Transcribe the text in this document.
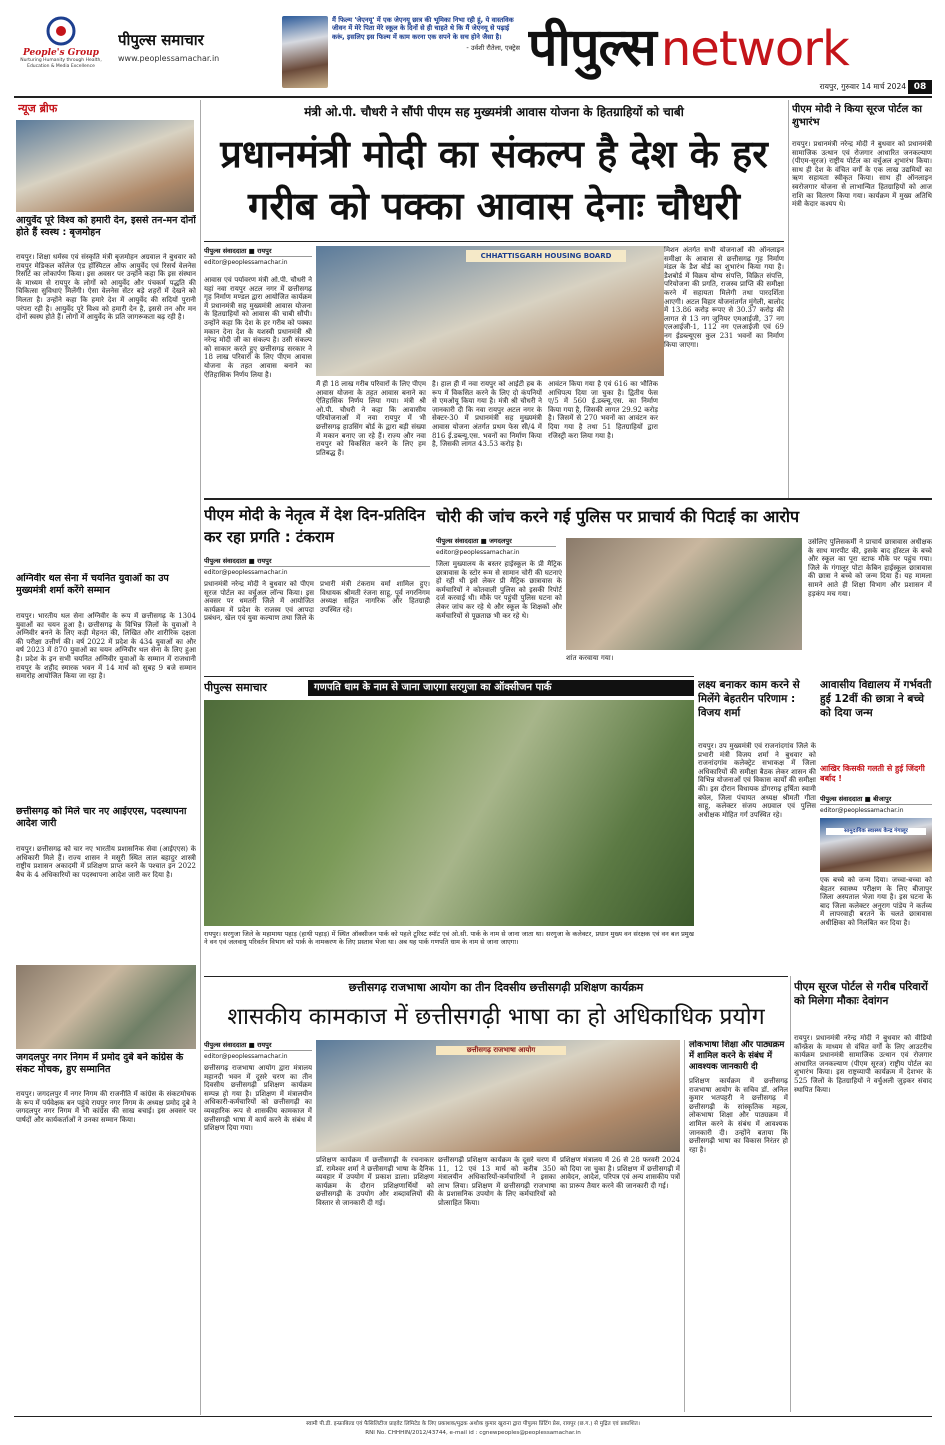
People's Group
Nurturing Humanity through Health, Education & Media Excellence
पीपुल्स समाचार
www.peoplessamachar.in
मैं फिल्म 'जेएनयू' में एक जेएनयू छात्र की भूमिका निभा रही हूं, ये वास्तविक जीवन में मेरे पिता मेरे स्कूल के दिनों से ही चाहते थे कि मैं जेएनयू से पढ़ाई करूं, इसलिए इस फिल्म में काम करना एक सपने के सच होने जैसा है।
- उर्वशी रौतेला, एक्ट्रेस पीपुल्स network
रायपुर, गुरुवार 14 मार्च 2024 08
न्यूज ब्रीफ
आयुर्वेद पूरे विश्व को हमारी देन, इससे तन-मन दोनों होते हैं स्वस्थ : बृजमोहन
रायपुर। शिक्षा धर्मस्व एवं संस्कृति मंत्री बृजमोहन अग्रवाल ने बुधवार को रायपुर मेडिकल कॉलेज एंड हॉस्पिटल ऑफ आयुर्वेद एवं रिसर्च वेलनेस रिसॉर्ट का लोकार्पण किया। इस अवसर पर उन्होंने कहा कि इस संस्थान के माध्यम से रायपुर के लोगों को आयुर्वेद और पंचकर्म पद्धति की चिकित्सा सुविधाएं मिलेंगी। ऐसा वेलनेस सेंटर बड़े शहरों में देखने को मिलता है। उन्होंने कहा कि हमारे देश में आयुर्वेद की सदियों पुरानी परंपरा रही है। आयुर्वेद पूरे विश्व को हमारी देन है, इससे तन और मन दोनों स्वस्थ होते हैं। लोगों में आयुर्वेद के प्रति जागरूकता बढ़ रही है।
अग्निवीर थल सेना में चयनित युवाओं का उप मुख्यमंत्री शर्मा करेंगे सम्मान
रायपुर। भारतीय थल सेना अग्निवीर के रूप में छत्तीसगढ़ के 1304 युवाओं का चयन हुआ है। छत्तीसगढ़ के विभिन्न जिलों के युवाओं ने अग्निवीर बनने के लिए कड़ी मेहनत की, लिखित और शारीरिक दक्षता की परीक्षा उत्तीर्ण की। वर्ष 2022 में प्रदेश के 434 युवाओं का और वर्ष 2023 में 870 युवाओं का चयन अग्निवीर थल सेना के लिए हुआ है। प्रदेश के इन सभी चयनित अग्निवीर युवाओं के सम्मान में राजधानी रायपुर के शहीद स्मारक भवन में 14 मार्च को सुबह 9 बजे सम्मान समारोह आयोजित किया जा रहा है।
छत्तीसगढ़ को मिले चार नए आईएएस, पदस्थापना आदेश जारी
रायपुर। छत्तीसगढ़ को चार नए भारतीय प्रशासनिक सेवा (आईएएस) के अधिकारी मिले हैं। राज्य शासन ने मसूरी स्थित लाल बहादुर शास्त्री राष्ट्रीय प्रशासन अकादमी में प्रशिक्षण प्राप्त करने के पश्चात इन 2022 बैच के 4 अधिकारियों का पदस्थापना आदेश जारी कर दिया है।
जगदलपुर नगर निगम में प्रमोद दुबे बने कांग्रेस के संकट मोचक, हुए सम्मानित
रायपुर। जगदलपुर में नगर निगम की राजनीति में कांग्रेस के संकटमोचक के रूप में पर्यवेक्षक बन पहुंचे रायपुर नगर निगम के अध्यक्ष प्रमोद दुबे ने जगदलपुर नगर निगम में भी कांग्रेस की साख बचाई। इस अवसर पर पार्षदों और कार्यकर्ताओं ने उनका सम्मान किया।
मंत्री ओ.पी. चौधरी ने सौंपी पीएम सह मुख्यमंत्री आवास योजना के हितग्राहियों को चाबी
प्रधानमंत्री मोदी का संकल्प है देश के हर गरीब को पक्का आवास देनाः चौधरी
पीपुल्स संवाददाता ■ रायपुर
editor@peoplessamachar.in
CHHATTISGARH HOUSING BOARD
आवास एवं पर्यावरण मंत्री ओ.पी. चौधरी ने यहां नवा रायपुर अटल नगर में छत्तीसगढ़ गृह निर्माण मण्डल द्वारा आयोजित कार्यक्रम में प्रधानमंत्री सह मुख्यमंत्री आवास योजना के हितग्राहियों को आवास की चाबी सौंपी। उन्होंने कहा कि देश के हर गरीब को पक्का मकान देना देश के यशस्वी प्रधानमंत्री श्री नरेन्द्र मोदी जी का संकल्प है। उसी संकल्प को साकार करते हुए छत्तीसगढ़ सरकार ने 18 लाख परिवारों के लिए पीएम आवास योजना के तहत आवास बनाने का ऐतिहासिक निर्णय लिया है।
मैं ही 18 लाख गरीब परिवारों के लिए पीएम आवास योजना के तहत आवास बनाने का ऐतिहासिक निर्णय लिया गया। मंत्री श्री ओ.पी. चौधरी ने कहा कि आवासीय परियोजनाओं में नवा रायपुर में भी छत्तीसगढ़ हाउसिंग बोर्ड के द्वारा बड़ी संख्या में मकान बनाए जा रहे हैं। राज्य और नवा रायपुर को विकसित करने के लिए हम प्रतिबद्ध हैं।
है। हाल ही में नवा रायपुर को आईटी हब के रूप में विकसित करने के लिए दो कंपनियों से एमओयू किया गया है। मंत्री श्री चौधरी ने जानकारी दी कि नवा रायपुर अटल नगर के सेक्टर-30 में प्रधानमंत्री सह मुख्यमंत्री आवास योजना अंतर्गत प्रथम फेस सी/4 में 816 ई.डब्ल्यू.एस. भवनों का निर्माण किया है, जिसकी लागत 43.53 करोड़ है।
आवंटन किया गया है एवं 616 का भौतिक आधिपत्य दिया जा चुका है। द्वितीय फेस ए/5 में 560 ई.डब्ल्यू.एस. का निर्माण किया गया है, जिसकी लागत 29.92 करोड़ है। जिसमें से 270 भवनों का आवंटन कर दिया गया है तथा 51 हितग्राहियों द्वारा रजिस्ट्री करा लिया गया है।
मिशन अंतर्गत सभी योजनाओं की ऑनलाइन समीक्षा के आवास से छत्तीसगढ़ गृह निर्माण मंडल के डैश बोर्ड का शुभारंभ किया गया है। डैशबोर्ड में विक्रय योग्य संपत्ति, विक्रित संपत्ति, परियोजना की प्रगति, राजस्व प्राप्ति की समीक्षा करने में सहायता मिलेगी तथा पारदर्शिता आएगी। अटल विहार योजनांतर्गत मुंगेली, बालोद में 13.86 करोड़ रूपए से 30.37 करोड़ की लागत से 13 नग जूनियर एमआईजी, 37 नग एलआईजी-1, 112 नग एलआईजी एवं 69 नग ईडब्ल्यूएस कुल 231 भवनों का निर्माण किया जाएगा।
पीएम मोदी ने किया सूरज पोर्टल का शुभारंभ
रायपुर। प्रधानमंत्री नरेन्द्र मोदी ने बुधवार को प्रधानमंत्री सामाजिक उत्थान एवं रोजगार आधारित जनकल्याण (पीएम-सूरज) राष्ट्रीय पोर्टल का वर्चुअल शुभारंभ किया। साथ ही देश के वंचित वर्गों के एक लाख उद्यमियों का ऋण सहायता स्वीकृत किया। साथ ही ऑनलाइन स्वरोजगार योजना से लाभान्वित हितग्राहियों को आज राशि का वितरण किया गया। कार्यक्रम में मुख्य अतिथि मंत्री केदार कश्यप थे।
पीएम मोदी के नेतृत्व में देश दिन-प्रतिदिन कर रहा प्रगति : टंकराम
पीपुल्स संवाददाता ■ रायपुर
editor@peoplessamachar.in
प्रधानमंत्री नरेन्द्र मोदी ने बुधवार को पीएम सूरज पोर्टल का वर्चुअल लॉन्च किया। इस अवसर पर धमतरी जिले में आयोजित कार्यक्रम में प्रदेश के राजस्व एवं आपदा प्रबंधन, खेल एवं युवा कल्याण तथा जिले के प्रभारी मंत्री टंकराम वर्मा शामिल हुए। विधायक श्रीमती रंजना साहू, पूर्व नगरनिगम अध्यक्ष सहित नागरिक और हितग्राही उपस्थित रहे।
चोरी की जांच करने गई पुलिस पर प्राचार्य की पिटाई का आरोप
पीपुल्स संवाददाता ■ जगदलपुर
editor@peoplessamachar.in
जिला मुख्यालय के बस्तर हाईस्कूल के प्री मैट्रिक छात्रावास के स्टोर रूम से सामान चोरी की घटनाएं हो रही थी इसे लेकर प्री मैट्रिक छात्रावास के कर्मचारियों ने कोतवाली पुलिस को इसकी रिपोर्ट दर्ज करवाई थी। मौके पर पहुंची पुलिस घटना को लेकर जांच कर रहे थे और स्कूल के शिक्षकों और कर्मचारियों से पूछताछ भी कर रहे थे।
शांत करवाया गया।
उसेलिए पुलिसकर्मी ने प्राचार्य छात्रावास अधीक्षक के साथ मारपीट की, इसके बाद हॉस्टल के बच्चे और स्कूल का पूरा स्टाफ मौके पर पहुंच गया। जिले के गंगालूर पोटा केबिन हाईस्कूल छात्रावास की छात्रा ने बच्चे को जन्म दिया है। यह मामला सामने आते ही शिक्षा विभाग और प्रशासन में हड़कंप मच गया।
पीपुल्स समाचार	गणपति धाम के नाम से जाना जाएगा सरगुजा का ऑक्सीजन पार्क
रायपुर। सरगुजा जिले के महामाया पहाड़ (हाथी पहाड़) में स्थित ऑक्सीजन पार्क को पहले टूरिस्ट स्पॉट एवं ओ.सी. पार्क के नाम से जाना जाता था। सरगुजा के कलेक्टर, प्रधान मुख्य वन संरक्षक एवं वन बल प्रमुख ने वन एवं जलवायु परिवर्तन विभाग को पार्क के नामकरण के लिए प्रस्ताव भेजा था। अब यह पार्क गणपति धाम के नाम से जाना जाएगा।
लक्ष्य बनाकर काम करने से मिलेंगे बेहतरीन परिणाम : विजय शर्मा
रायपुर। उप मुख्यमंत्री एवं राजनांदगांव जिले के प्रभारी मंत्री विजय शर्मा ने बुधवार को राजनांदगांव कलेक्ट्रेट सभाकक्ष में जिला अधिकारियों की समीक्षा बैठक लेकर शासन की विभिन्न योजनाओं एवं विकास कार्यों की समीक्षा की। इस दौरान विधायक डोंगरगढ़ हर्षिता स्वामी बघेल, जिला पंचायत अध्यक्ष श्रीमती गीता साहू, कलेक्टर संजय अग्रवाल एवं पुलिस अधीक्षक मोहित गर्ग उपस्थित रहे।
आवासीय विद्यालय में गर्भवती हुई 12वीं की छात्रा ने बच्चे को दिया जन्म
आखिर किसकी गलती से हुई जिंदगी बर्बाद !
पीपुल्स संवाददाता ■ बीजापुर
editor@peoplessamachar.in
सामुदायिक स्वास्थ्य केन्द्र गंगालूर
एक बच्चे को जन्म दिया। जच्चा-बच्चा को बेहतर स्वास्थ्य परीक्षण के लिए बीजापुर जिला अस्पताल भेजा गया है। इस घटना के बाद जिला कलेक्टर अनुराग पांडेय ने कर्तव्य में लापरवाही बरतने के चलते छात्रावास अधीक्षिका को निलंबित कर दिया है।
छत्तीसगढ़ राजभाषा आयोग का तीन दिवसीय छत्तीसगढ़ी प्रशिक्षण कार्यक्रम
शासकीय कामकाज में छत्तीसगढ़ी भाषा का हो अधिकाधिक प्रयोग
पीपुल्स संवाददाता ■ रायपुर
editor@peoplessamachar.in
छत्तीसगढ़ राजभाषा आयोग
छत्तीसगढ़ राजभाषा आयोग द्वारा मंत्रालय महानदी भवन में दूसरे चरण का तीन दिवसीय छत्तीसगढ़ी प्रशिक्षण कार्यक्रम सम्पन्न हो गया है। प्रशिक्षण में मंत्रालयीन अधिकारी-कर्मचारियों को छत्तीसगढ़ी का व्यवहारिक रूप से शासकीय कामकाज में छत्तीसगढ़ी भाषा में कार्य करने के संबंध में प्रशिक्षण दिया गया।
प्रशिक्षण कार्यक्रम में छत्तीसगढ़ी के रचनाकार डॉ. रामेश्वर शर्मा ने छत्तीसगढ़ी भाषा के दैनिक व्यवहार में उपयोग में प्रकाश डाला। प्रशिक्षण कार्यक्रम के दौरान प्रशिक्षणार्थियों को छत्तीसगढ़ी के उपयोग और शब्दावलियों की विस्तार से जानकारी दी गई।
छत्तीसगढ़ी प्रशिक्षण कार्यक्रम के दूसरे चरण में 11, 12 एवं 13 मार्च को करीब 350 मंत्रालयीन अधिकारियों-कर्मचारियों ने इसका लाभ लिया। प्रशिक्षण में छत्तीसगढ़ी राजभाषा के प्रशासनिक उपयोग के लिए कर्मचारियों को प्रोत्साहित किया।
प्रशिक्षण मंत्रालय में 26 से 28 फरवरी 2024 को दिया जा चुका है। प्रशिक्षण में छत्तीसगढ़ी में आवेदन, आदेश, परिपत्र एवं अन्य शासकीय पत्रों का प्रारूप तैयार करने की जानकारी दी गई।
लोकभाषा शिक्षा और पाठ्यक्रम में शामिल करने के संबंध में आवश्यक जानकारी दी
प्रशिक्षण कार्यक्रम में छत्तीसगढ़ राजभाषा आयोग के सचिव डॉ. अनिल कुमार भतपहरी ने छत्तीसगढ़ में छत्तीसगढ़ी के सांस्कृतिक महत्व, लोकभाषा शिक्षा और पाठ्यक्रम में शामिल करने के संबंध में आवश्यक जानकारी दी। उन्होंने बताया कि छत्तीसगढ़ी भाषा का विकास निरंतर हो रहा है।
पीएम सूरज पोर्टल से गरीब परिवारों को मिलेगा मौकाः देवांगन
रायपुर। प्रधानमंत्री नरेन्द्र मोदी ने बुधवार को वीडियो कॉन्फ्रेंस के माध्यम से वंचित वर्गों के लिए आउटरीच कार्यक्रम प्रधानमंत्री सामाजिक उत्थान एवं रोजगार आधारित जनकल्याण (पीएम सूरज) राष्ट्रीय पोर्टल का शुभारंभ किया। इस राष्ट्रव्यापी कार्यक्रम में देशभर के 525 जिलों के हितग्राहियों ने वर्चुअली जुड़कर संवाद स्थापित किया।
स्वामी पी.डी. इन्फ्राबिल्ड एवं फैसिलिटीज प्राइवेट लिमिटेड के लिए प्रकाशक/मुद्रक अशोक कुमार खुराना द्वारा पीपुल्स प्रिंटिंग प्रेस, रायपुर (छ.ग.) से मुद्रित एवं प्रकाशित।
RNI No. CHHHIN/2012/43744, e-mail id : cgnewpeoples@peoplessamachar.in
